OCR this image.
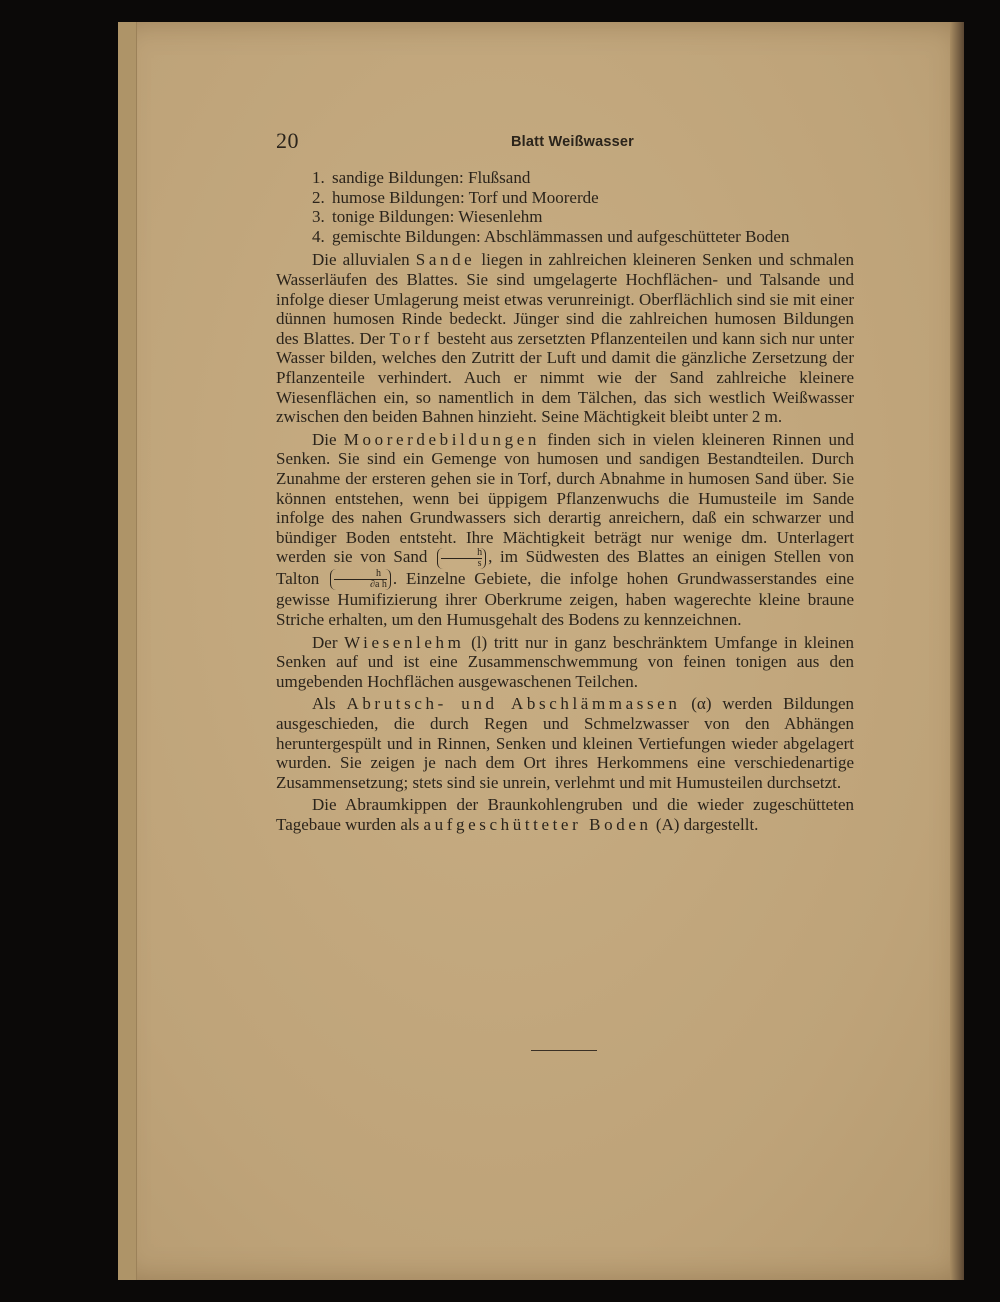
20	Blatt Weißwasser
1. sandige Bildungen: Flußsand
2. humose Bildungen: Torf und Moorerde
3. tonige Bildungen: Wiesenlehm
4. gemischte Bildungen: Abschlämmassen und aufgeschütteter Boden

Die alluvialen Sande liegen in zahlreichen kleineren Senken und schmalen Wasserläufen des Blattes. Sie sind umgelagerte Hochflächen- und Talsande und infolge dieser Umlagerung meist etwas verunreinigt. Oberflächlich sind sie mit einer dünnen humosen Rinde bedeckt. Jünger sind die zahlreichen humosen Bildungen des Blattes. Der Torf besteht aus zersetzten Pflanzenteilen und kann sich nur unter Wasser bilden, welches den Zutritt der Luft und damit die gänzliche Zersetzung der Pflanzenteile verhindert. Auch er nimmt wie der Sand zahlreiche kleinere Wiesenflächen ein, so namentlich in dem Tälchen, das sich westlich Weißwasser zwischen den beiden Bahnen hinzieht. Seine Mächtigkeit bleibt unter 2 m.

Die Moorerdebildungen finden sich in vielen kleineren Rinnen und Senken. Sie sind ein Gemenge von humosen und sandigen Bestandteilen. Durch Zunahme der ersteren gehen sie in Torf, durch Abnahme in humosen Sand über. Sie können entstehen, wenn bei üppigem Pflanzenwuchs die Humusteile im Sande infolge des nahen Grundwassers sich derartig anreichern, daß ein schwarzer und bündiger Boden entsteht. Ihre Mächtigkeit beträgt nur wenige dm. Unterlagert werden sie von Sand $\frac{h}{s}$ , im Südwesten des Blattes an einigen Stellen von Talton $\frac{h}{\text{∂a h}}$ . Einzelne Gebiete, die infolge hohen Grundwasserstandes eine gewisse Humifizierung ihrer Oberkrume zeigen, haben wagerechte kleine braune Striche erhalten, um den Humusgehalt des Bodens zu kennzeichnen.

Der Wiesenlehm (l) tritt nur in ganz beschränktem Umfange in kleinen Senken auf und ist eine Zusammenschwemmung von feinen tonigen aus den umgebenden Hochflächen ausgewaschenen Teilchen.

Als Abrutsch- und Abschlämmassen (α) werden Bildungen ausgeschieden, die durch Regen und Schmelzwasser von den Abhängen heruntergespült und in Rinnen, Senken und kleinen Vertiefungen wieder abgelagert wurden. Sie zeigen je nach dem Ort ihres Herkommens eine verschiedenartige Zusammensetzung; stets sind sie unrein, verlehmt und mit Humusteilen durchsetzt.

Die Abraumkippen der Braunkohlengruben und die wieder zugeschütteten Tagebaue wurden als aufgeschütteter Boden (A) dargestellt.
